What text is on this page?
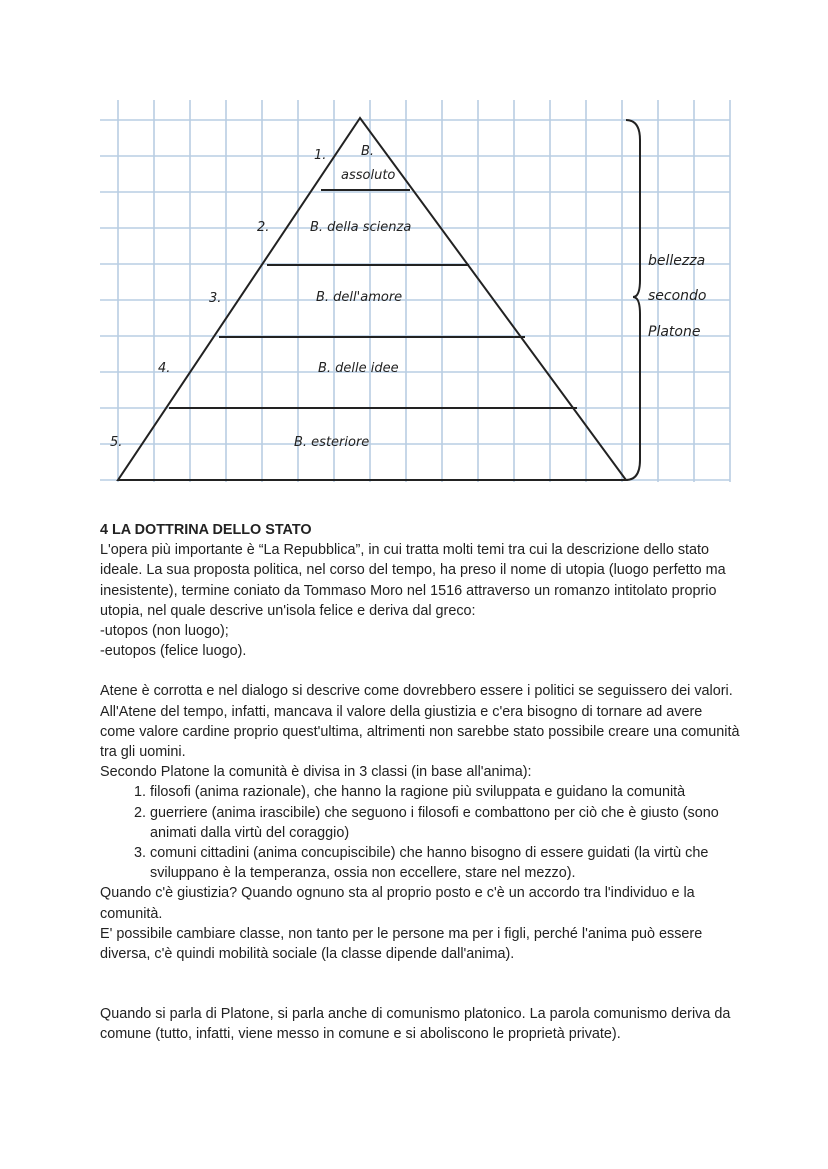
1.
2.
3.
4.
5.
B.
assoluto
B. della scienza
B. dell'amore
B. delle idee
B. esteriore
bellezza
secondo
Platone
4 LA DOTTRINA DELLO STATO

L'opera più importante è “La Repubblica”, in cui tratta molti temi tra cui la descrizione dello stato ideale. La sua proposta politica, nel corso del tempo, ha preso il nome di utopia (luogo perfetto ma inesistente), termine coniato da Tommaso Moro nel 1516 attraverso un romanzo intitolato proprio utopia, nel quale descrive un'isola felice e deriva dal greco:

-utopos (non luogo);

-eutopos (felice luogo).

Atene è corrotta e nel dialogo si descrive come dovrebbero essere i politici se seguissero dei valori. All'Atene del tempo, infatti, mancava il valore della giustizia e c'era bisogno di tornare ad avere come valore cardine proprio quest'ultima, altrimenti non sarebbe stato possibile creare una comunità tra gli uomini.

Secondo Platone la comunità è divisa in 3 classi (in base all'anima):

1. filosofi (anima razionale), che hanno la ragione più sviluppata e guidano la comunità
2. guerriere (anima irascibile) che seguono i filosofi e combattono per ciò che è giusto (sono animati dalla virtù del coraggio)
3. comuni cittadini (anima concupiscibile) che hanno bisogno di essere guidati (la virtù che sviluppano è la temperanza, ossia non eccellere, stare nel mezzo).

Quando c'è giustizia? Quando ognuno sta al proprio posto e c'è un accordo tra l'individuo e la comunità.

E' possibile cambiare classe, non tanto per le persone ma per i figli, perché l'anima può essere diversa, c'è quindi mobilità sociale (la classe dipende dall'anima).

Quando si parla di Platone, si parla anche di comunismo platonico. La parola comunismo deriva da comune (tutto, infatti, viene messo in comune e si aboliscono le proprietà private).
